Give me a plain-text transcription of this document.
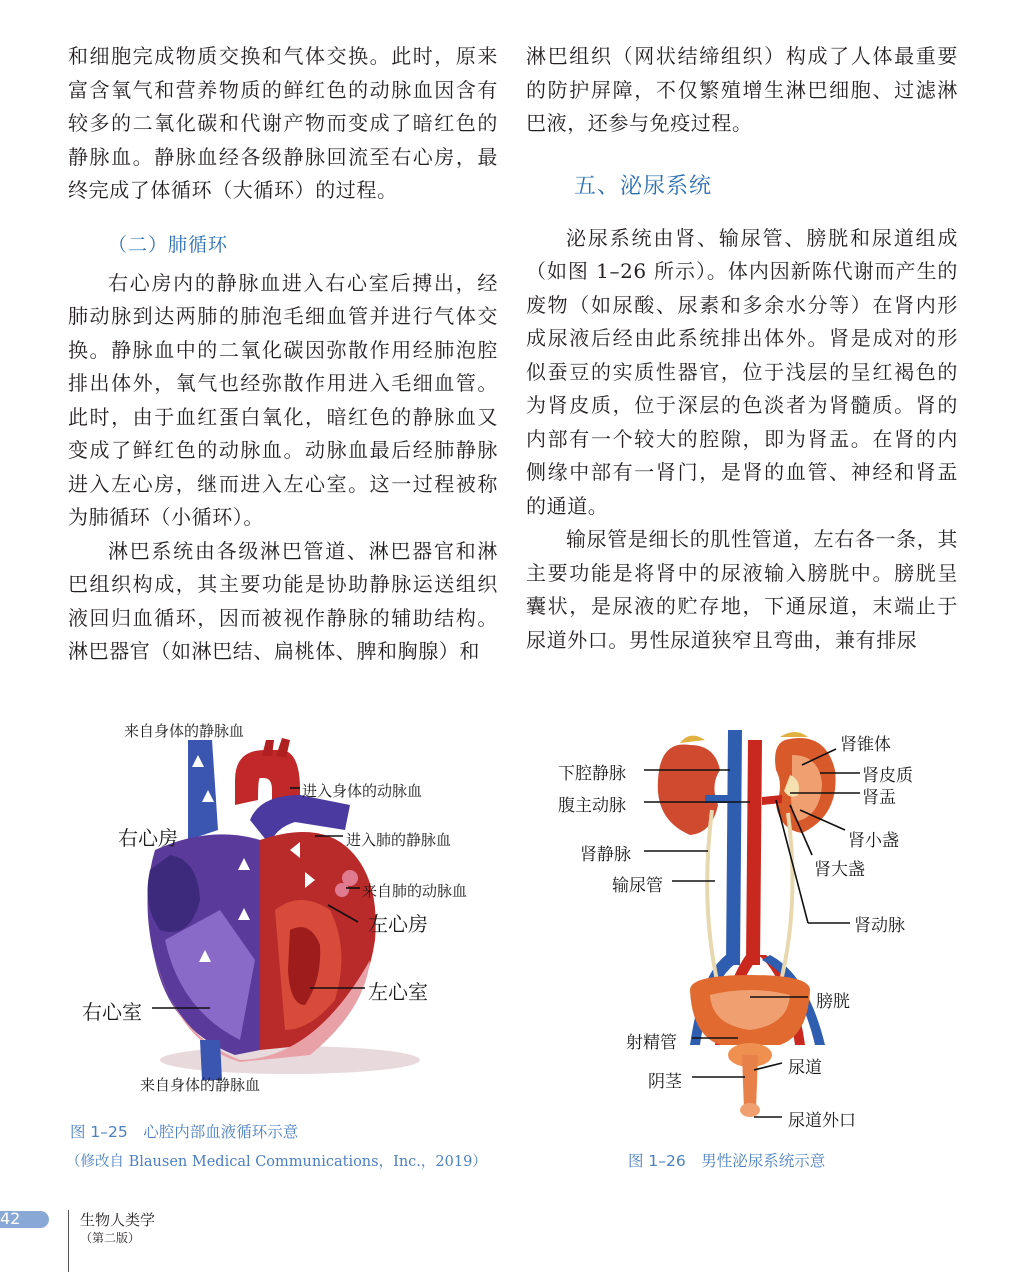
和细胞完成物质交换和气体交换。此时，原来富含氧气和营养物质的鲜红色的动脉血因含有较多的二氧化碳和代谢产物而变成了暗红色的静脉血。静脉血经各级静脉回流至右心房，最终完成了体循环（大循环）的过程。

（二）肺循环

右心房内的静脉血进入右心室后搏出，经肺动脉到达两肺的肺泡毛细血管并进行气体交换。静脉血中的二氧化碳因弥散作用经肺泡腔排出体外，氧气也经弥散作用进入毛细血管。此时，由于血红蛋白氧化，暗红色的静脉血又变成了鲜红色的动脉血。动脉血最后经肺静脉进入左心房，继而进入左心室。这一过程被称为肺循环（小循环）。

淋巴系统由各级淋巴管道、淋巴器官和淋巴组织构成，其主要功能是协助静脉运送组织液回归血循环，因而被视作静脉的辅助结构。淋巴器官（如淋巴结、扁桃体、脾和胸腺）和

淋巴组织（网状结缔组织）构成了人体最重要的防护屏障，不仅繁殖增生淋巴细胞、过滤淋巴液，还参与免疫过程。

五、泌尿系统

泌尿系统由肾、输尿管、膀胱和尿道组成（如图 1–26 所示）。体内因新陈代谢而产生的废物（如尿酸、尿素和多余水分等）在肾内形成尿液后经由此系统排出体外。肾是成对的形似蚕豆的实质性器官，位于浅层的呈红褐色的为肾皮质，位于深层的色淡者为肾髓质。肾的内部有一个较大的腔隙，即为肾盂。在肾的内侧缘中部有一肾门，是肾的血管、神经和肾盂的通道。

输尿管是细长的肌性管道，左右各一条，其主要功能是将肾中的尿液输入膀胱中。膀胱呈囊状，是尿液的贮存地，下通尿道，末端止于尿道外口。男性尿道狭窄且弯曲，兼有排尿

来自身体的静脉血
进入身体的动脉血
进入肺的静脉血
来自肺的动脉血
右心房
左心房
左心室
右心室
来自身体的静脉血
图 1–25　心腔内部血液循环示意
（修改自 Blausen Medical Communications，Inc.，2019）
下腔静脉
腹主动脉
肾静脉
输尿管
肾锥体
肾皮质
肾盂
肾小盏
肾大盏
肾动脉
膀胱
射精管
阴茎
尿道
尿道外口
图 1–26　男性泌尿系统示意
42	生物人类学
（第二版）
